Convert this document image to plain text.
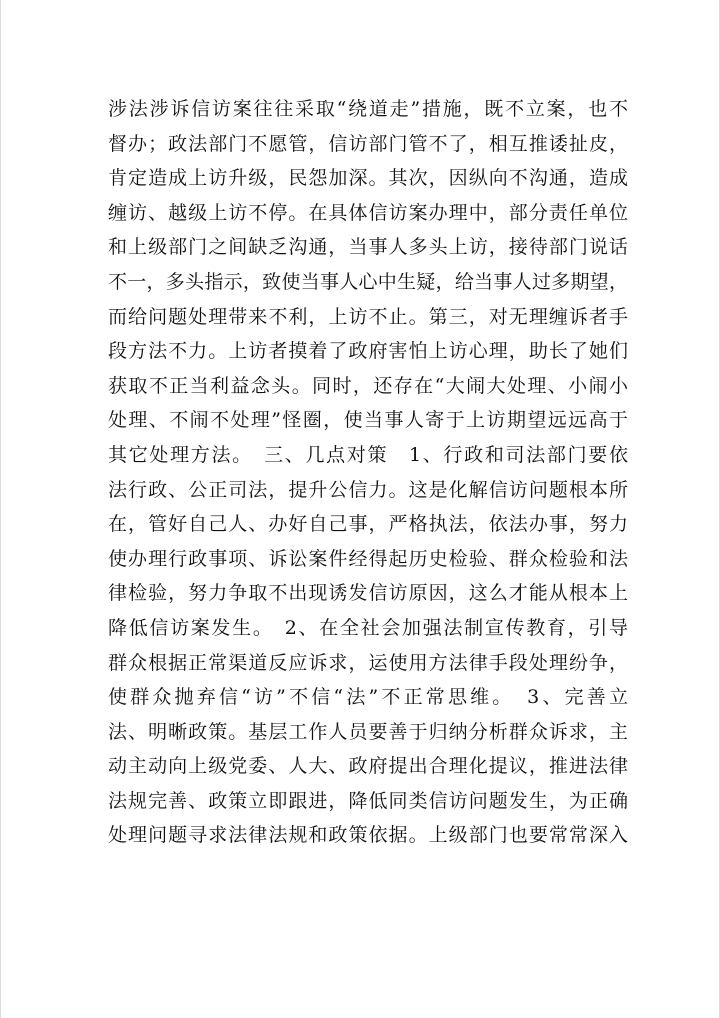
涉法涉诉信访案往往采取“绕道走”措施，既不立案，也不
督办；政法部门不愿管，信访部门管不了，相互推诿扯皮，
肯定造成上访升级，民怨加深。其次，因纵向不沟通，造成
缠访、越级上访不停。在具体信访案办理中，部分责任单位
和上级部门之间缺乏沟通，当事人多头上访，接待部门说话
不一，多头指示，致使当事人心中生疑，给当事人过多期望，
而给问题处理带来不利，上访不止。第三，对无理缠诉者手
段方法不力。上访者摸着了政府害怕上访心理，助长了她们
获取不正当利益念头。同时，还存在“大闹大处理、小闹小
处理、不闹不处理”怪圈，使当事人寄于上访期望远远高于
其它处理方法。　三、几点对策　1、行政和司法部门要依
法行政、公正司法，提升公信力。这是化解信访问题根本所
在，管好自己人、办好自己事，严格执法，依法办事，努力
使办理行政事项、诉讼案件经得起历史检验、群众检验和法
律检验，努力争取不出现诱发信访原因，这么才能从根本上
降低信访案发生。　2、在全社会加强法制宣传教育，引导
群众根据正常渠道反应诉求，运使用方法律手段处理纷争，
使群众抛弃信“访”不信“法”不正常思维。　3、完善立
法、明晰政策。基层工作人员要善于归纳分析群众诉求，主
动主动向上级党委、人大、政府提出合理化提议，推进法律
法规完善、政策立即跟进，降低同类信访问题发生，为正确
处理问题寻求法律法规和政策依据。上级部门也要常常深入
